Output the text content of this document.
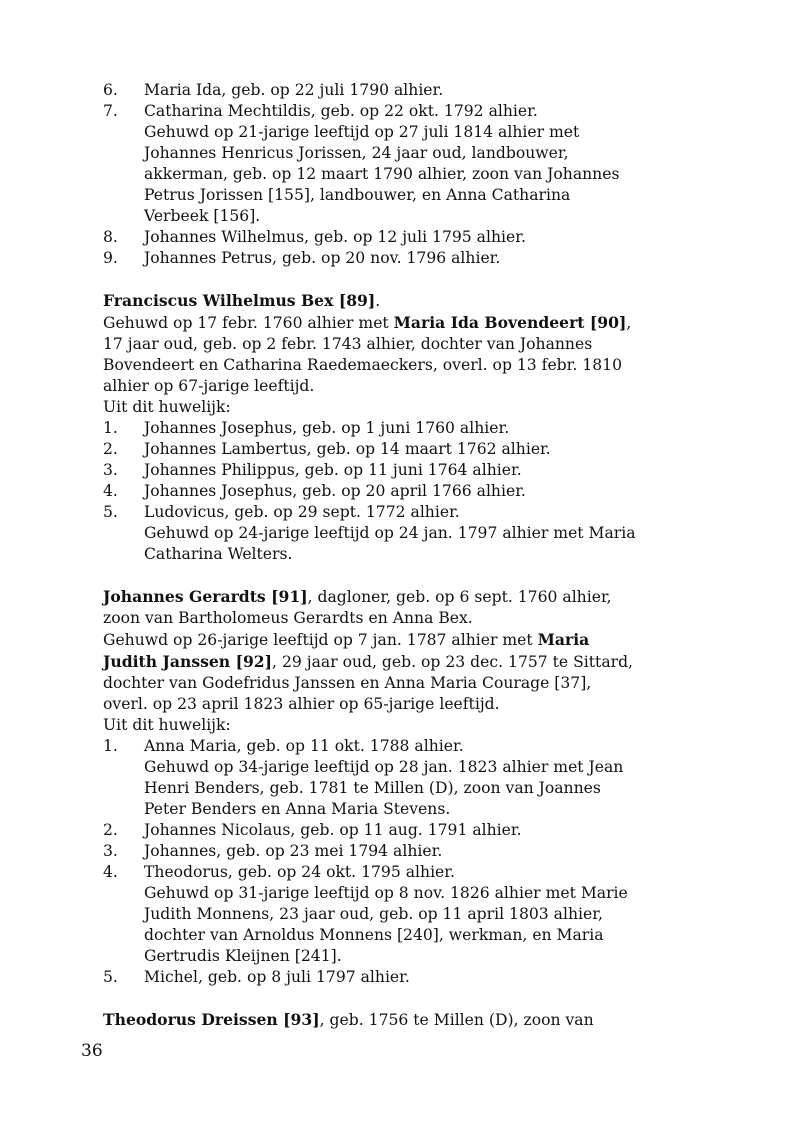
6.	Maria Ida, geb. op 22 juli 1790 alhier.
7.	Catharina Mechtildis, geb. op 22 okt. 1792 alhier.
Gehuwd op 21-jarige leeftijd op 27 juli 1814 alhier met
Johannes Henricus Jorissen, 24 jaar oud, landbouwer,
akkerman, geb. op 12 maart 1790 alhier, zoon van Johannes
Petrus Jorissen [155], landbouwer, en Anna Catharina
Verbeek [156].
8.	Johannes Wilhelmus, geb. op 12 juli 1795 alhier.
9.	Johannes Petrus, geb. op 20 nov. 1796 alhier.
Franciscus Wilhelmus Bex [89].
Gehuwd op 17 febr. 1760 alhier met Maria Ida Bovendeert [90],
17 jaar oud, geb. op 2 febr. 1743 alhier, dochter van Johannes
Bovendeert en Catharina Raedemaeckers, overl. op 13 febr. 1810
alhier op 67-jarige leeftijd.
Uit dit huwelijk:
1.	Johannes Josephus, geb. op 1 juni 1760 alhier.
2.	Johannes Lambertus, geb. op 14 maart 1762 alhier.
3.	Johannes Philippus, geb. op 11 juni 1764 alhier.
4.	Johannes Josephus, geb. op 20 april 1766 alhier.
5.	Ludovicus, geb. op 29 sept. 1772 alhier.
Gehuwd op 24-jarige leeftijd op 24 jan. 1797 alhier met Maria
Catharina Welters.
Johannes Gerardts [91], dagloner, geb. op 6 sept. 1760 alhier,
zoon van Bartholomeus Gerardts en Anna Bex.
Gehuwd op 26-jarige leeftijd op 7 jan. 1787 alhier met Maria
Judith Janssen [92], 29 jaar oud, geb. op 23 dec. 1757 te Sittard,
dochter van Godefridus Janssen en Anna Maria Courage [37],
overl. op 23 april 1823 alhier op 65-jarige leeftijd.
Uit dit huwelijk:
1.	Anna Maria, geb. op 11 okt. 1788 alhier.
Gehuwd op 34-jarige leeftijd op 28 jan. 1823 alhier met Jean
Henri Benders, geb. 1781 te Millen (D), zoon van Joannes
Peter Benders en Anna Maria Stevens.
2.	Johannes Nicolaus, geb. op 11 aug. 1791 alhier.
3.	Johannes, geb. op 23 mei 1794 alhier.
4.	Theodorus, geb. op 24 okt. 1795 alhier.
Gehuwd op 31-jarige leeftijd op 8 nov. 1826 alhier met Marie
Judith Monnens, 23 jaar oud, geb. op 11 april 1803 alhier,
dochter van Arnoldus Monnens [240], werkman, en Maria
Gertrudis Kleijnen [241].
5.	Michel, geb. op 8 juli 1797 alhier.
Theodorus Dreissen [93], geb. 1756 te Millen (D), zoon van
36
